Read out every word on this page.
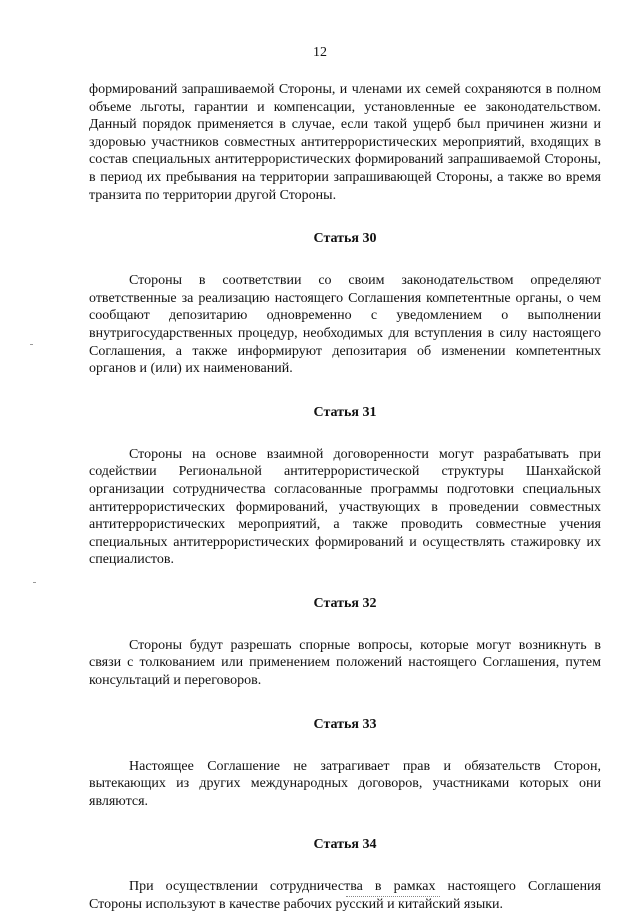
12

формирований запрашиваемой Стороны, и членами их семей сохраняются в полном объеме льготы, гарантии и компенсации, установленные ее законодательством. Данный порядок применяется в случае, если такой ущерб был причинен жизни и здоровью участников совместных антитеррористических мероприятий, входящих в состав специальных антитеррористических формирований запрашиваемой Стороны, в период их пребывания на территории запрашивающей Стороны, а также во время транзита по территории другой Стороны.

Статья 30

Стороны в соответствии со своим законодательством определяют ответственные за реализацию настоящего Соглашения компетентные органы, о чем сообщают депозитарию одновременно с уведомлением о выполнении внутригосударственных процедур, необходимых для вступления в силу настоящего Соглашения, а также информируют депозитария об изменении компетентных органов и (или) их наименований.

Статья 31

Стороны на основе взаимной договоренности могут разрабатывать при содействии Региональной антитеррористической структуры Шанхайской организации сотрудничества согласованные программы подготовки специальных антитеррористических формирований, участвующих в проведении совместных антитеррористических мероприятий, а также проводить совместные учения специальных антитеррористических формирований и осуществлять стажировку их специалистов.

Статья 32

Стороны будут разрешать спорные вопросы, которые могут возникнуть в связи с толкованием или применением положений настоящего Соглашения, путем консультаций и переговоров.

Статья 33

Настоящее Соглашение не затрагивает прав и обязательств Сторон, вытекающих из других международных договоров, участниками которых они являются.

Статья 34

При осуществлении сотрудничества в рамках настоящего Соглашения Стороны используют в качестве рабочих русский и китайский языки.
